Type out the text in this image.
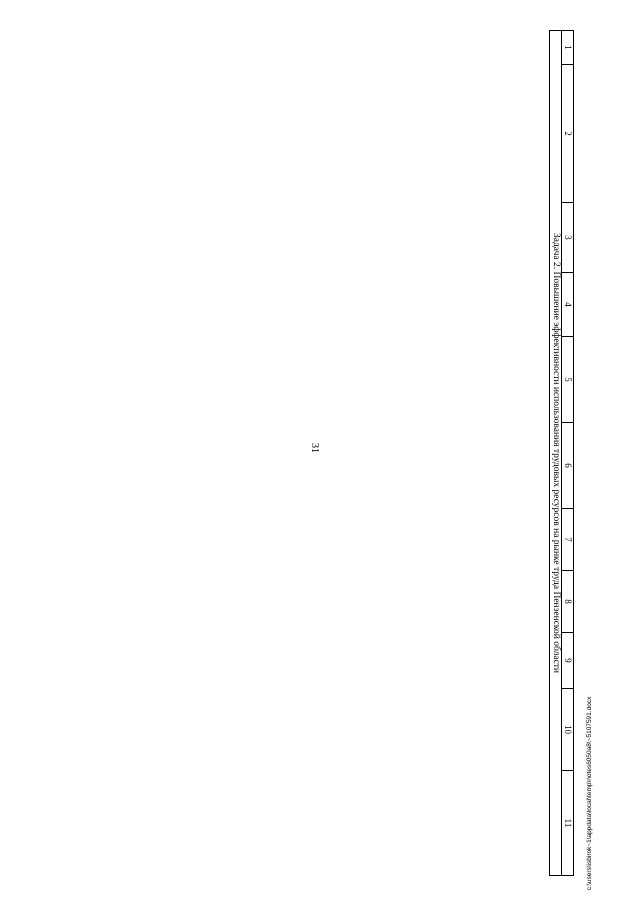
31
c:\users\isbirok~1\appdata\local\temp\notes6050a8\~5107591.docx
1	2	3	4	5	6	7	8	9	10	11
Задача 2. Повышение эффективности использования трудовых ресурсов на рынке труда Пензенской области
